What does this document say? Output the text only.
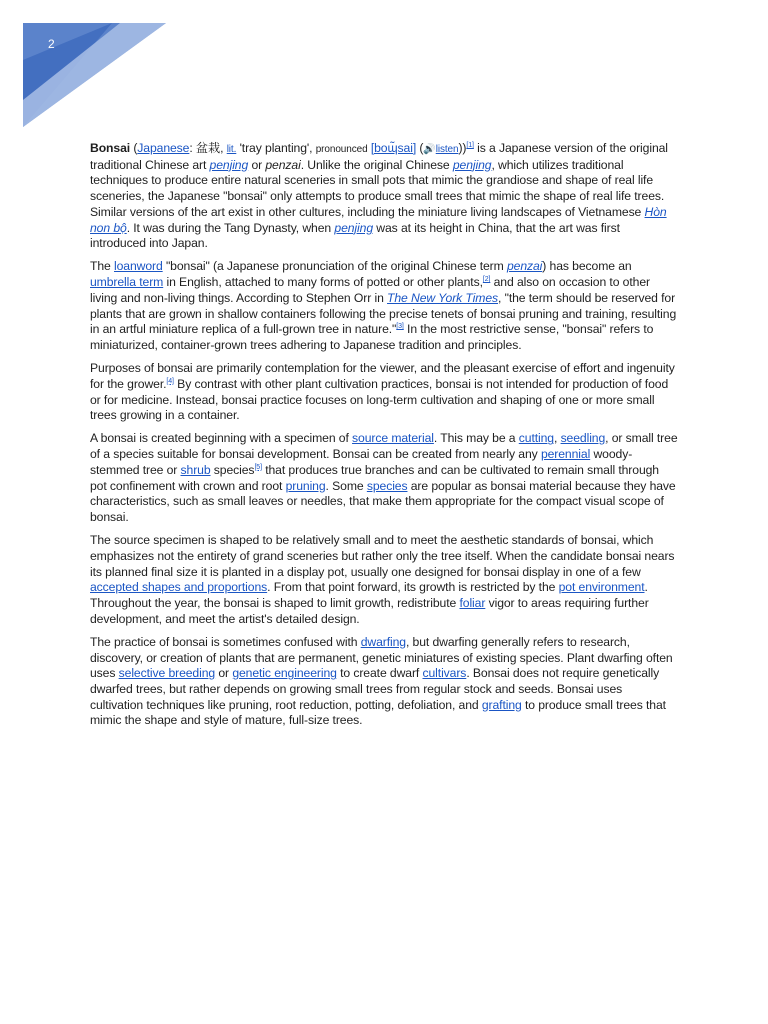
2

Bonsai (Japanese: 盆栽, lit. 'tray planting', pronounced [boɰ̃sai] (🔊listen))[1] is a Japanese version of the original traditional Chinese art penjing or penzai. Unlike the original Chinese penjing, which utilizes traditional techniques to produce entire natural sceneries in small pots that mimic the grandiose and shape of real life sceneries, the Japanese "bonsai" only attempts to produce small trees that mimic the shape of real life trees. Similar versions of the art exist in other cultures, including the miniature living landscapes of Vietnamese Hòn non bộ. It was during the Tang Dynasty, when penjing was at its height in China, that the art was first introduced into Japan.

The loanword "bonsai" (a Japanese pronunciation of the original Chinese term penzai) has become an umbrella term in English, attached to many forms of potted or other plants,[2] and also on occasion to other living and non-living things. According to Stephen Orr in The New York Times, "the term should be reserved for plants that are grown in shallow containers following the precise tenets of bonsai pruning and training, resulting in an artful miniature replica of a full-grown tree in nature."[3] In the most restrictive sense, "bonsai" refers to miniaturized, container-grown trees adhering to Japanese tradition and principles.

Purposes of bonsai are primarily contemplation for the viewer, and the pleasant exercise of effort and ingenuity for the grower.[4] By contrast with other plant cultivation practices, bonsai is not intended for production of food or for medicine. Instead, bonsai practice focuses on long-term cultivation and shaping of one or more small trees growing in a container.

A bonsai is created beginning with a specimen of source material. This may be a cutting, seedling, or small tree of a species suitable for bonsai development. Bonsai can be created from nearly any perennial woody-stemmed tree or shrub species[5] that produces true branches and can be cultivated to remain small through pot confinement with crown and root pruning. Some species are popular as bonsai material because they have characteristics, such as small leaves or needles, that make them appropriate for the compact visual scope of bonsai.

The source specimen is shaped to be relatively small and to meet the aesthetic standards of bonsai, which emphasizes not the entirety of grand sceneries but rather only the tree itself. When the candidate bonsai nears its planned final size it is planted in a display pot, usually one designed for bonsai display in one of a few accepted shapes and proportions. From that point forward, its growth is restricted by the pot environment. Throughout the year, the bonsai is shaped to limit growth, redistribute foliar vigor to areas requiring further development, and meet the artist's detailed design.

The practice of bonsai is sometimes confused with dwarfing, but dwarfing generally refers to research, discovery, or creation of plants that are permanent, genetic miniatures of existing species. Plant dwarfing often uses selective breeding or genetic engineering to create dwarf cultivars. Bonsai does not require genetically dwarfed trees, but rather depends on growing small trees from regular stock and seeds. Bonsai uses cultivation techniques like pruning, root reduction, potting, defoliation, and grafting to produce small trees that mimic the shape and style of mature, full-size trees.
